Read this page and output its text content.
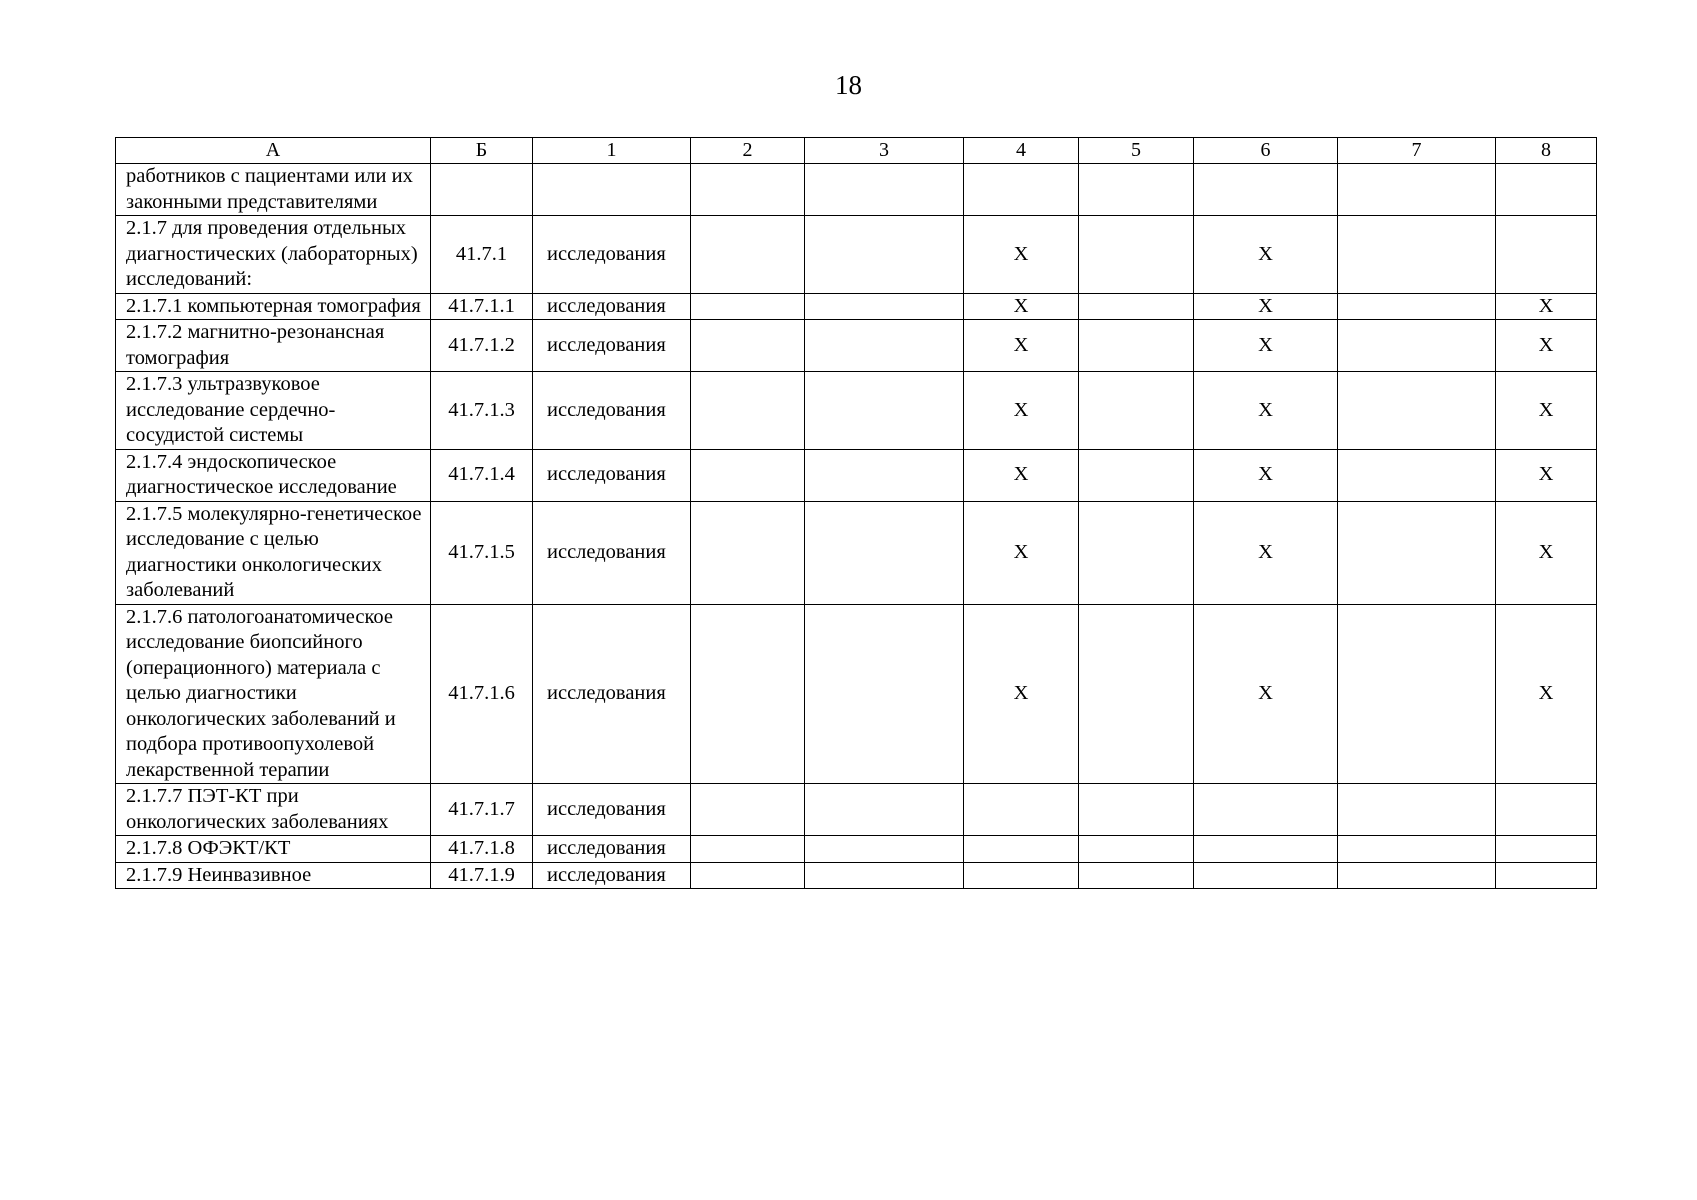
18
А	Б	1	2	3	4	5	6	7	8
работников с пациентами или их законными представителями									
2.1.7 для проведения отдельных диагностических (лабораторных) исследований:	41.7.1	исследования			X		X		
2.1.7.1 компьютерная томография	41.7.1.1	исследования			X		X		X
2.1.7.2 магнитно-резонансная томография	41.7.1.2	исследования			X		X		X
2.1.7.3 ультразвуковое исследование сердечно-сосудистой системы	41.7.1.3	исследования			X		X		X
2.1.7.4 эндоскопическое диагностическое исследование	41.7.1.4	исследования			X		X		X
2.1.7.5 молекулярно-генетическое исследование с целью диагностики онкологических заболеваний	41.7.1.5	исследования			X		X		X
2.1.7.6 патологоанатомическое исследование биопсийного (операционного) материала с целью диагностики онкологических заболеваний и подбора противоопухолевой лекарственной терапии	41.7.1.6	исследования			X		X		X
2.1.7.7 ПЭТ-КТ при онкологических заболеваниях	41.7.1.7	исследования							
2.1.7.8 ОФЭКТ/КТ	41.7.1.8	исследования							
2.1.7.9 Неинвазивное	41.7.1.9	исследования							
